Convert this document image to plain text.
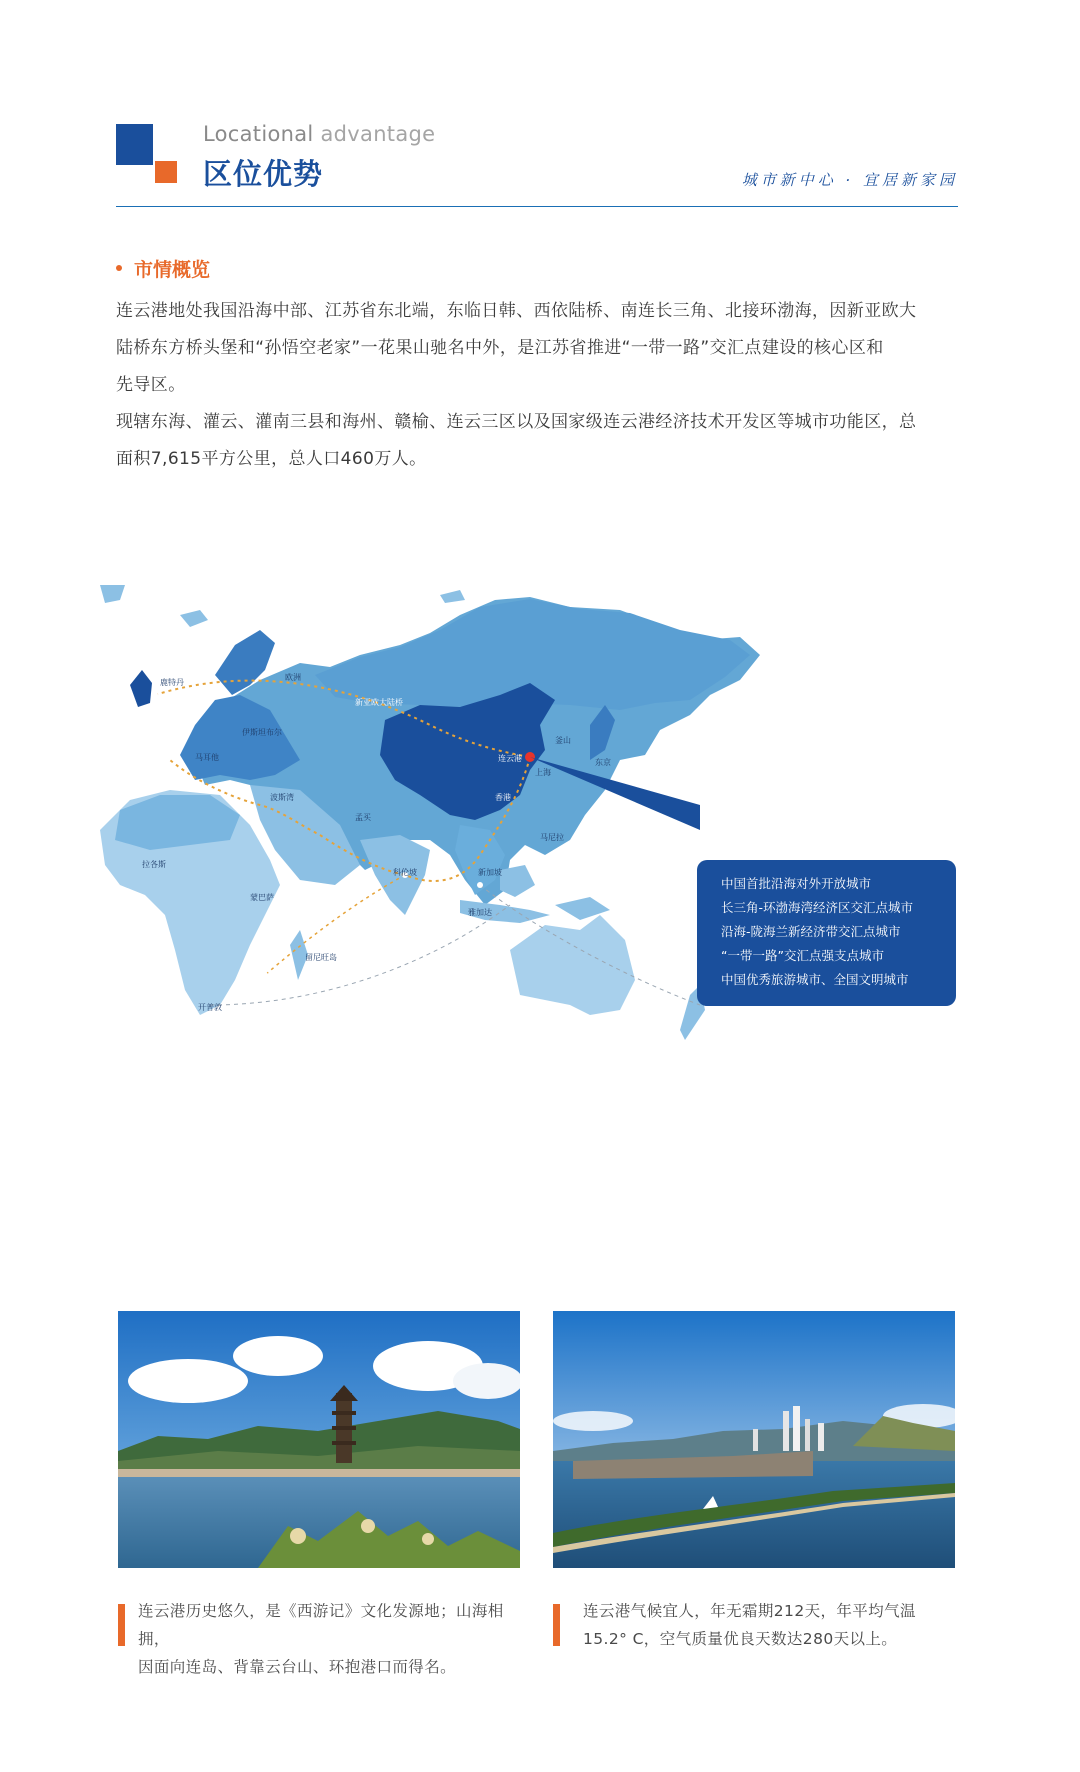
Locational advantage
区位优势	城市新中心 · 宜居新家园
市情概览

连云港地处我国沿海中部、江苏省东北端，东临日韩、西依陆桥、南连长三角、北接环渤海，因新亚欧大

陆桥东方桥头堡和“孙悟空老家”一花果山驰名中外，是江苏省推进“一带一路”交汇点建设的核心区和

先导区。

现辖东海、灌云、灌南三县和海州、赣榆、连云三区以及国家级连云港经济技术开发区等城市功能区，总

面积7,615平方公里，总人口460万人。

鹿特丹
欧洲
新亚欧大陆桥
伊斯坦布尔
马耳他
波斯湾
孟买
科伦坡	新加坡
雅加达
拉各斯
蒙巴萨
留尼旺岛
开普敦
东京
釜山
马尼拉
连云港
上海
香港
中国首批沿海对外开放城市
长三角-环渤海湾经济区交汇点城市
沿海-陇海兰新经济带交汇点城市
“一带一路”交汇点强支点城市
中国优秀旅游城市、全国文明城市
连云港历史悠久，是《西游记》文化发源地；山海相拥，
因面向连岛、背靠云台山、环抱港口而得名。
连云港气候宜人，年无霜期212天，年平均气温
15.2° C，空气质量优良天数达280天以上。
